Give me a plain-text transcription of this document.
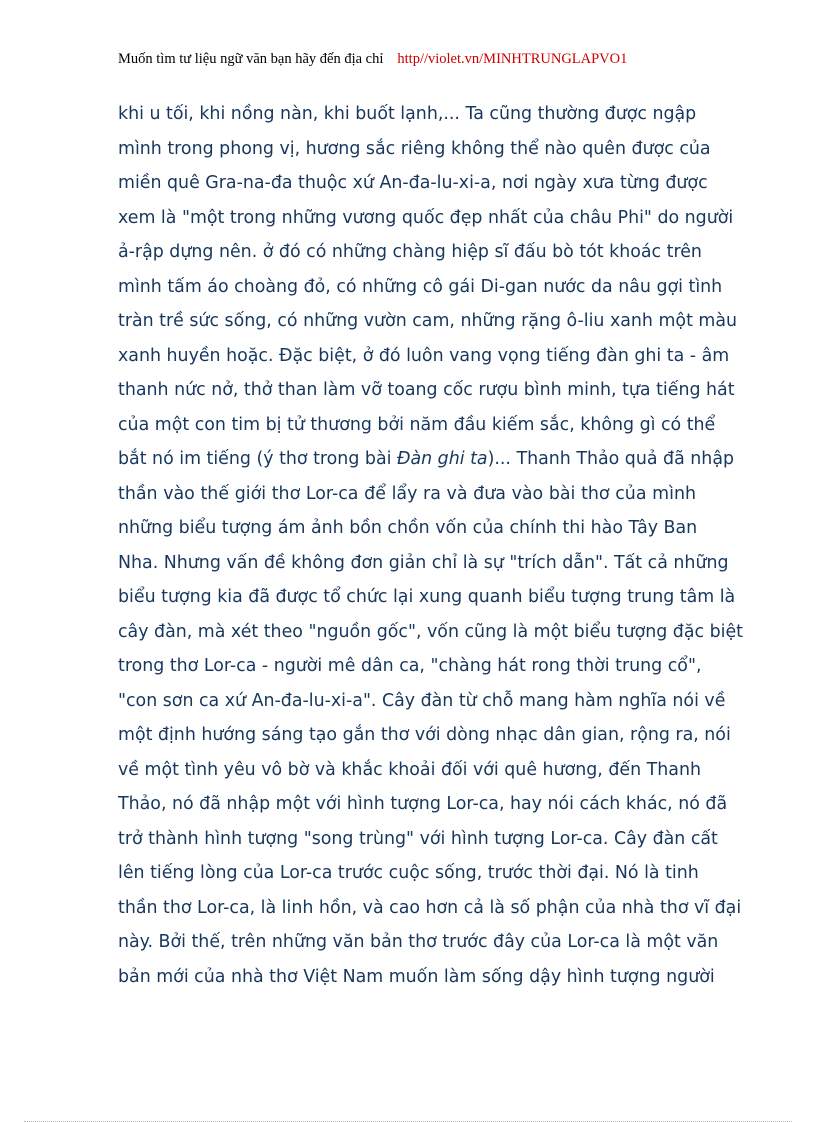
Muốn tìm tư liệu ngữ văn bạn hãy đến địa chỉ http//violet.vn/MINHTRUNGLAPVO1
khi u tối, khi nồng nàn, khi buốt lạnh,... Ta cũng thường được ngập
mình trong phong vị, hương sắc riêng không thể nào quên được của
miền quê Gra-na-đa thuộc xứ An-đa-lu-xi-a, nơi ngày xưa từng được
xem là "một trong những vương quốc đẹp nhất của châu Phi" do người
ả-rập dựng nên. ở đó có những chàng hiệp sĩ đấu bò tót khoác trên
mình tấm áo choàng đỏ, có những cô gái Di-gan nước da nâu gợi tình
tràn trề sức sống, có những vườn cam, những rặng ô-liu xanh một màu
xanh huyền hoặc. Đặc biệt, ở đó luôn vang vọng tiếng đàn ghi ta - âm
thanh nức nở, thở than làm vỡ toang cốc rượu bình minh, tựa tiếng hát
của một con tim bị tử thương bởi năm đầu kiếm sắc, không gì có thể
bắt nó im tiếng (ý thơ trong bài Đàn ghi ta)... Thanh Thảo quả đã nhập
thần vào thế giới thơ Lor-ca để lẩy ra và đưa vào bài thơ của mình
những biểu tượng ám ảnh bồn chồn vốn của chính thi hào Tây Ban
Nha. Nhưng vấn đề không đơn giản chỉ là sự "trích dẫn". Tất cả những
biểu tượng kia đã được tổ chức lại xung quanh biểu tượng trung tâm là
cây đàn, mà xét theo "nguồn gốc", vốn cũng là một biểu tượng đặc biệt
trong thơ Lor-ca - người mê dân ca, "chàng hát rong thời trung cổ",
"con sơn ca xứ An-đa-lu-xi-a". Cây đàn từ chỗ mang hàm nghĩa nói về
một định hướng sáng tạo gắn thơ với dòng nhạc dân gian, rộng ra, nói
về một tình yêu vô bờ và khắc khoải đối với quê hương, đến Thanh
Thảo, nó đã nhập một với hình tượng Lor-ca, hay nói cách khác, nó đã
trở thành hình tượng "song trùng" với hình tượng Lor-ca. Cây đàn cất
lên tiếng lòng của Lor-ca trước cuộc sống, trước thời đại. Nó là tinh
thần thơ Lor-ca, là linh hồn, và cao hơn cả là số phận của nhà thơ vĩ đại
này. Bởi thế, trên những văn bản thơ trước đây của Lor-ca là một văn
bản mới của nhà thơ Việt Nam muốn làm sống dậy hình tượng người
